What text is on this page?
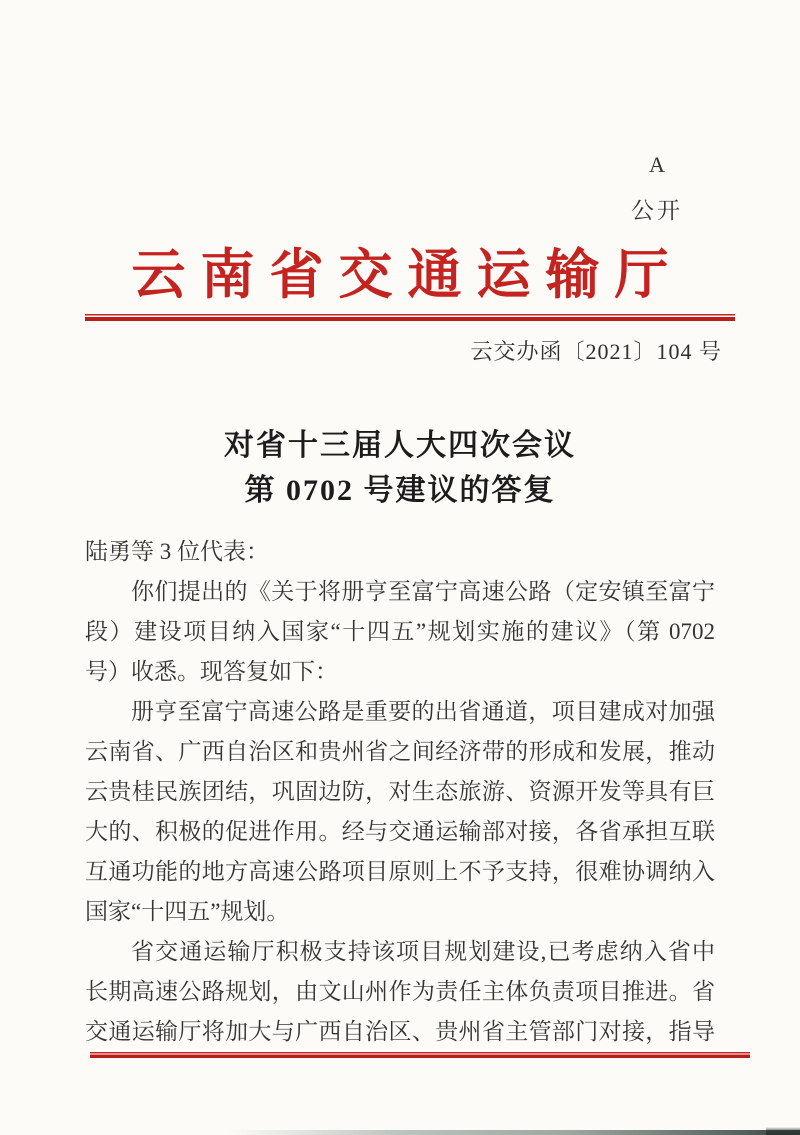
A
公开
云南省交通运输厅
云交办函〔2021〕104 号
对省十三届人大四次会议
第 0702 号建议的答复
陆勇等 3 位代表：
你们提出的《关于将册亨至富宁高速公路（定安镇至富宁
段）建设项目纳入国家“十四五”规划实施的建议》（第 0702
号）收悉。现答复如下：
册亨至富宁高速公路是重要的出省通道，项目建成对加强
云南省、广西自治区和贵州省之间经济带的形成和发展，推动
云贵桂民族团结，巩固边防，对生态旅游、资源开发等具有巨
大的、积极的促进作用。经与交通运输部对接，各省承担互联
互通功能的地方高速公路项目原则上不予支持，很难协调纳入
国家“十四五”规划。
省交通运输厅积极支持该项目规划建设,已考虑纳入省中
长期高速公路规划，由文山州作为责任主体负责项目推进。省
交通运输厅将加大与广西自治区、贵州省主管部门对接，指导
